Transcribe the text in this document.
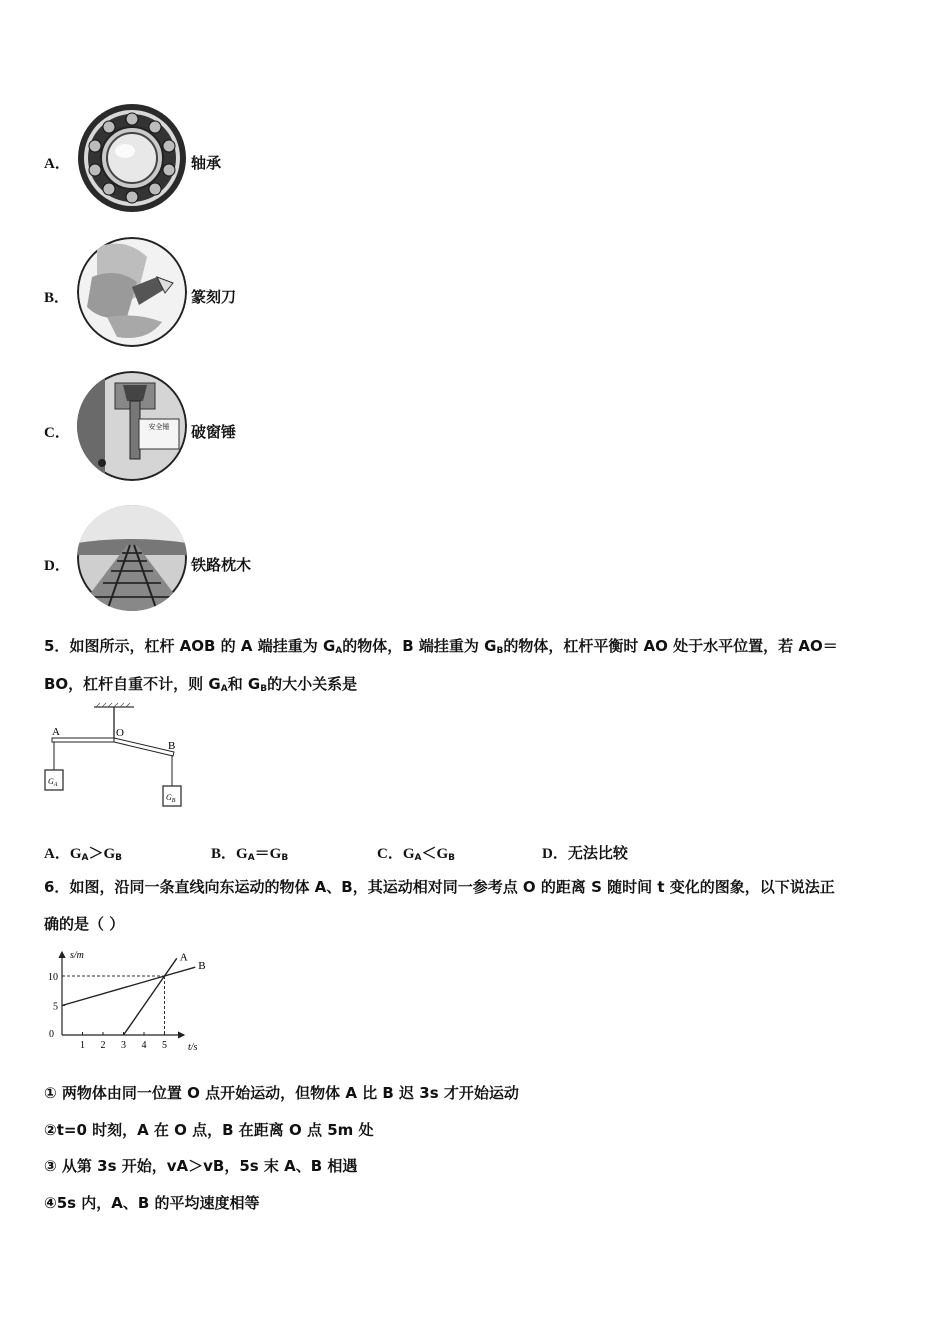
A．	轴承
B．	篆刻刀
C．	安全锤 破窗锤
D．	铁路枕木
5．如图所示，杠杆 AOB 的 A 端挂重为 $G_A$的物体，B 端挂重为 $G_B$的物体，杠杆平衡时 AO 处于水平位置，若 AO＝
BO，杠杆自重不计，则 $G_A$和 $G_B$的大小关系是
A	O
B
$G_A$
$G_B$
A．$G_A>G_B$	B．$G_A=G_B$	C．$G_A<G_B$	D．无法比较
6．如图，沿同一条直线向东运动的物体 A、B，其运动相对同一参考点 O 的距离 S 随时间 t 变化的图象，以下说法正
确的是（ ）
1 2 3 4 5
0
5
10
s/m
t/s
A
B
① 两物体由同一位置 O 点开始运动，但物体 A 比 B 迟 3s 才开始运动
②t=0 时刻，A 在 O 点，B 在距离 O 点 5m 处
③ 从第 3s 开始，vA＞vB，5s 末 A、B 相遇
④5s 内，A、B 的平均速度相等
